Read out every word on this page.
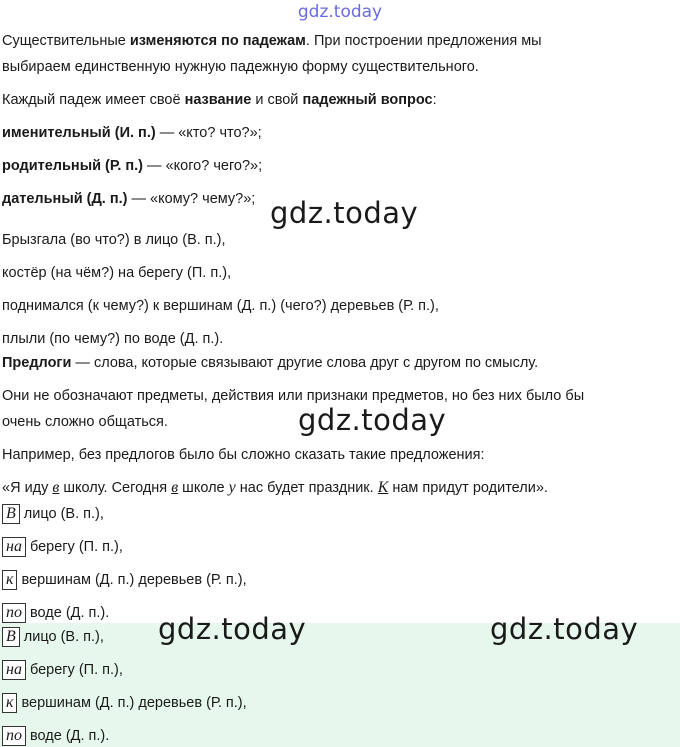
gdz.today
Существительные изменяются по падежам. При построении предложения мы
выбираем единственную нужную падежную форму существительного.
Каждый падеж имеет своё название и свой падежный вопрос:
именительный (И. п.) — «кто? что?»;
родительный (Р. п.) — «кого? чего?»;
дательный (Д. п.) — «кому? чему?»; gdz.today
Брызгала (во что?) в лицо (В. п.),
костёр (на чём?) на берегу (П. п.),
поднимался (к чему?) к вершинам (Д. п.) (чего?) деревьев (Р. п.),
плыли (по чему?) по воде (Д. п.).
Предлоги — слова, которые связывают другие слова друг с другом по смыслу.
Они не обозначают предметы, действия или признаки предметов, но без них было бы
очень сложно общаться.	gdz.today
Например, без предлогов было бы сложно сказать такие предложения:
«Я иду в школу. Сегодня в школе у нас будет праздник. К нам придут родители».
В лицо (В. п.),
на берегу (П. п.),
к вершинам (Д. п.) деревьев (Р. п.),
по воде (Д. п.). gdz.today	gdz.today
В лицо (В. п.),
на берегу (П. п.),
к вершинам (Д. п.) деревьев (Р. п.),
по воде (Д. п.).
